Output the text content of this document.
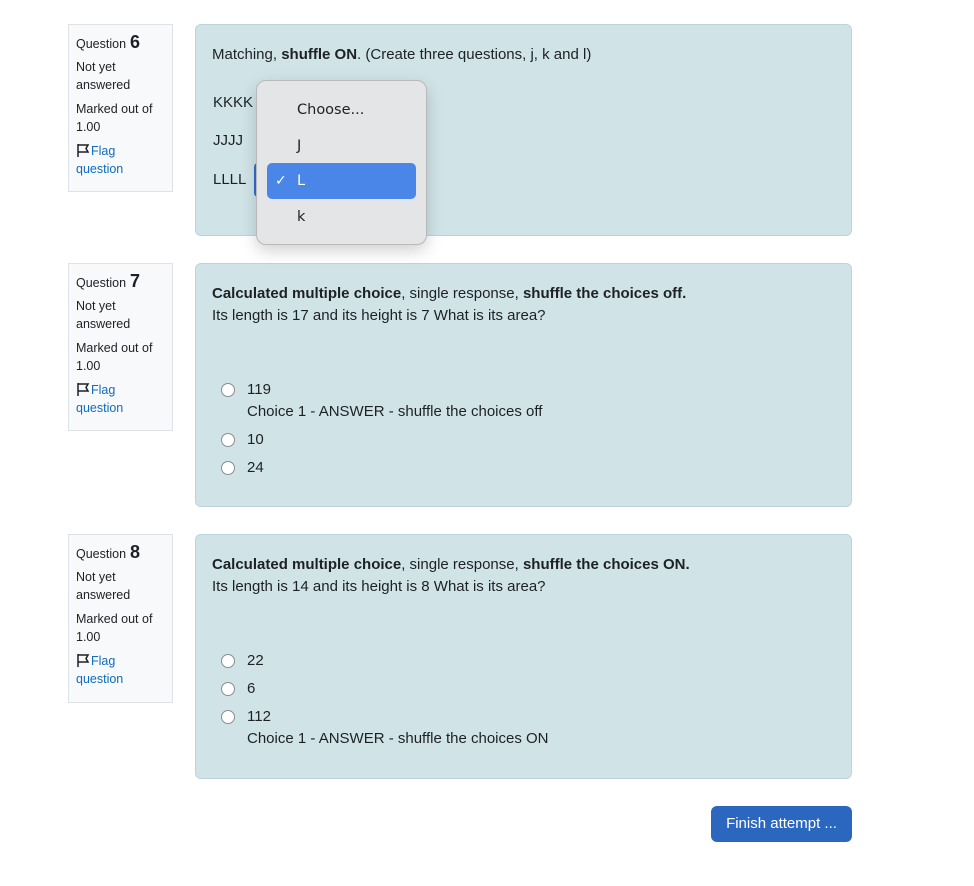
Question 6
Not yet answered
Marked out of 1.00
Flag question
Matching, shuffle ON. (Create three questions, j, k and l)
KKKK
JJJJ
LLLL
Question 7
Not yet answered
Marked out of 1.00
Flag question
Calculated multiple choice, single response, shuffle the choices off.
Its length is 17 and its height is 7 What is its area?
119
Choice 1 - ANSWER - shuffle the choices off
10
24
Question 8
Not yet answered
Marked out of 1.00
Flag question
Calculated multiple choice, single response, shuffle the choices ON.
Its length is 14 and its height is 8 What is its area?
22
6
112
Choice 1 - ANSWER - shuffle the choices ON
Choose...
J
✓ L
k
Finish attempt ...
